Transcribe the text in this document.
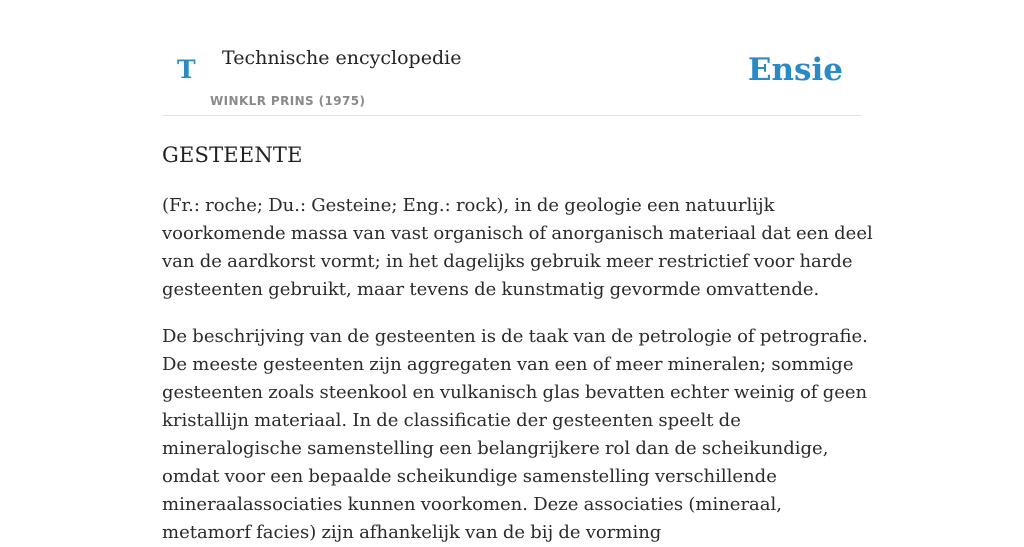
T Technische encyclopedie
WINKLR PRINS (1975)
Ensie
GESTEENTE

(Fr.: roche; Du.: Gesteine; Eng.: rock), in de geologie een natuurlijk voorkomende massa van vast organisch of anorganisch materiaal dat een deel van de aardkorst vormt; in het dagelijks gebruik meer restrictief voor harde gesteenten gebruikt, maar tevens de kunstmatig gevormde omvattende.

De beschrijving van de gesteenten is de taak van de petrologie of petrografie. De meeste gesteenten zijn aggregaten van een of meer mineralen; sommige gesteenten zoals steenkool en vulkanisch glas bevatten echter weinig of geen kristallijn materiaal. In de classificatie der gesteenten speelt de mineralogische samenstelling een belangrijkere rol dan de scheikundige, omdat voor een bepaalde scheikundige samenstelling verschillende mineraalassociaties kunnen voorkomen. Deze associaties (mineraal, metamorf facies) zijn afhankelijk van de bij de vorming
